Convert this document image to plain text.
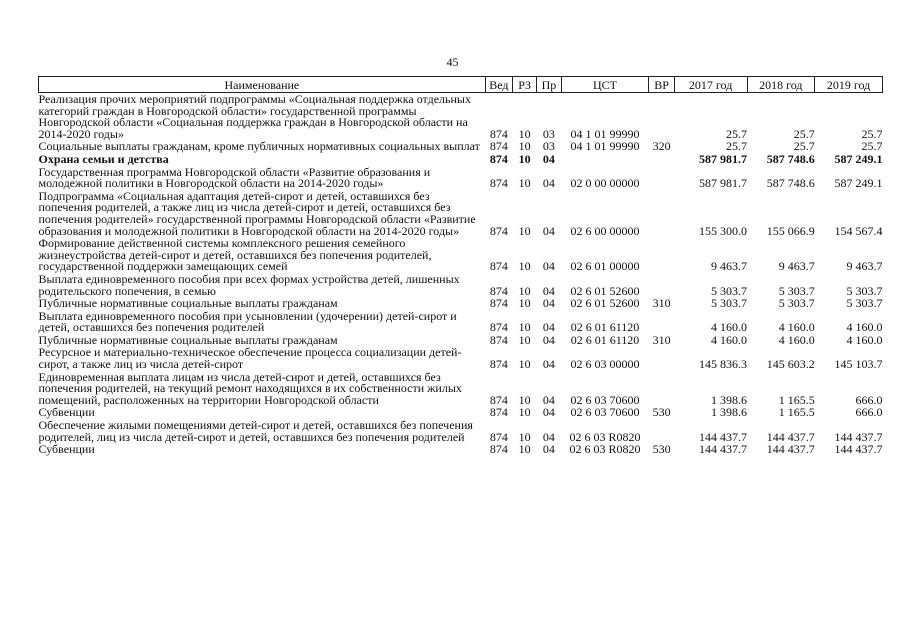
45
Наименование	Вед	РЗ	Пр	ЦСТ	ВР	2017 год	2018 год	2019 год
Реализация прочих мероприятий подпрограммы «Социальная поддержка отдельных категорий граждан в Новгородской области» государственной программы Новгородской области «Социальная поддержка граждан в Новгородской области на 2014-2020 годы»	874	10	03	04 1 01 99990		25.7	25.7	25.7
Социальные выплаты гражданам, кроме публичных нормативных социальных выплат	874	10	03	04 1 01 99990	320	25.7	25.7	25.7
Охрана семьи и детства	874	10	04			587 981.7	587 748.6	587 249.1
Государственная программа Новгородской области «Развитие образования и молодежной политики в Новгородской области на 2014-2020 годы»	874	10	04	02 0 00 00000		587 981.7	587 748.6	587 249.1
Подпрограмма «Социальная адаптация детей-сирот и детей, оставшихся без попечения родителей, а также лиц из числа детей-сирот и детей, оставшихся без попечения родителей» государственной программы Новгородской области «Развитие образования и молодежной политики в Новгородской области на 2014-2020 годы»	874	10	04	02 6 00 00000		155 300.0	155 066.9	154 567.4
Формирование действенной системы комплексного решения семейного жизнеустройства детей-сирот и детей, оставшихся без попечения родителей, государственной поддержки замещающих семей	874	10	04	02 6 01 00000		9 463.7	9 463.7	9 463.7
Выплата единовременного пособия при всех формах устройства детей, лишенных родительского попечения, в семью	874	10	04	02 6 01 52600		5 303.7	5 303.7	5 303.7
Публичные нормативные социальные выплаты гражданам	874	10	04	02 6 01 52600	310	5 303.7	5 303.7	5 303.7
Выплата единовременного пособия при усыновлении (удочерении) детей-сирот и детей, оставшихся без попечения родителей	874	10	04	02 6 01 61120		4 160.0	4 160.0	4 160.0
Публичные нормативные социальные выплаты гражданам	874	10	04	02 6 01 61120	310	4 160.0	4 160.0	4 160.0
Ресурсное и материально-техническое обеспечение процесса социализации детей-сирот, а также лиц из числа детей-сирот	874	10	04	02 6 03 00000		145 836.3	145 603.2	145 103.7
Единовременная выплата лицам из числа детей-сирот и детей, оставшихся без попечения родителей, на текущий ремонт находящихся в их собственности жилых помещений, расположенных на территории Новгородской области	874	10	04	02 6 03 70600		1 398.6	1 165.5	666.0
Субвенции	874	10	04	02 6 03 70600	530	1 398.6	1 165.5	666.0
Обеспечение жилыми помещениями детей-сирот и детей, оставшихся без попечения родителей, лиц из числа детей-сирот и детей, оставшихся без попечения родителей	874	10	04	02 6 03 R0820		144 437.7	144 437.7	144 437.7
Субвенции	874	10	04	02 6 03 R0820	530	144 437.7	144 437.7	144 437.7
